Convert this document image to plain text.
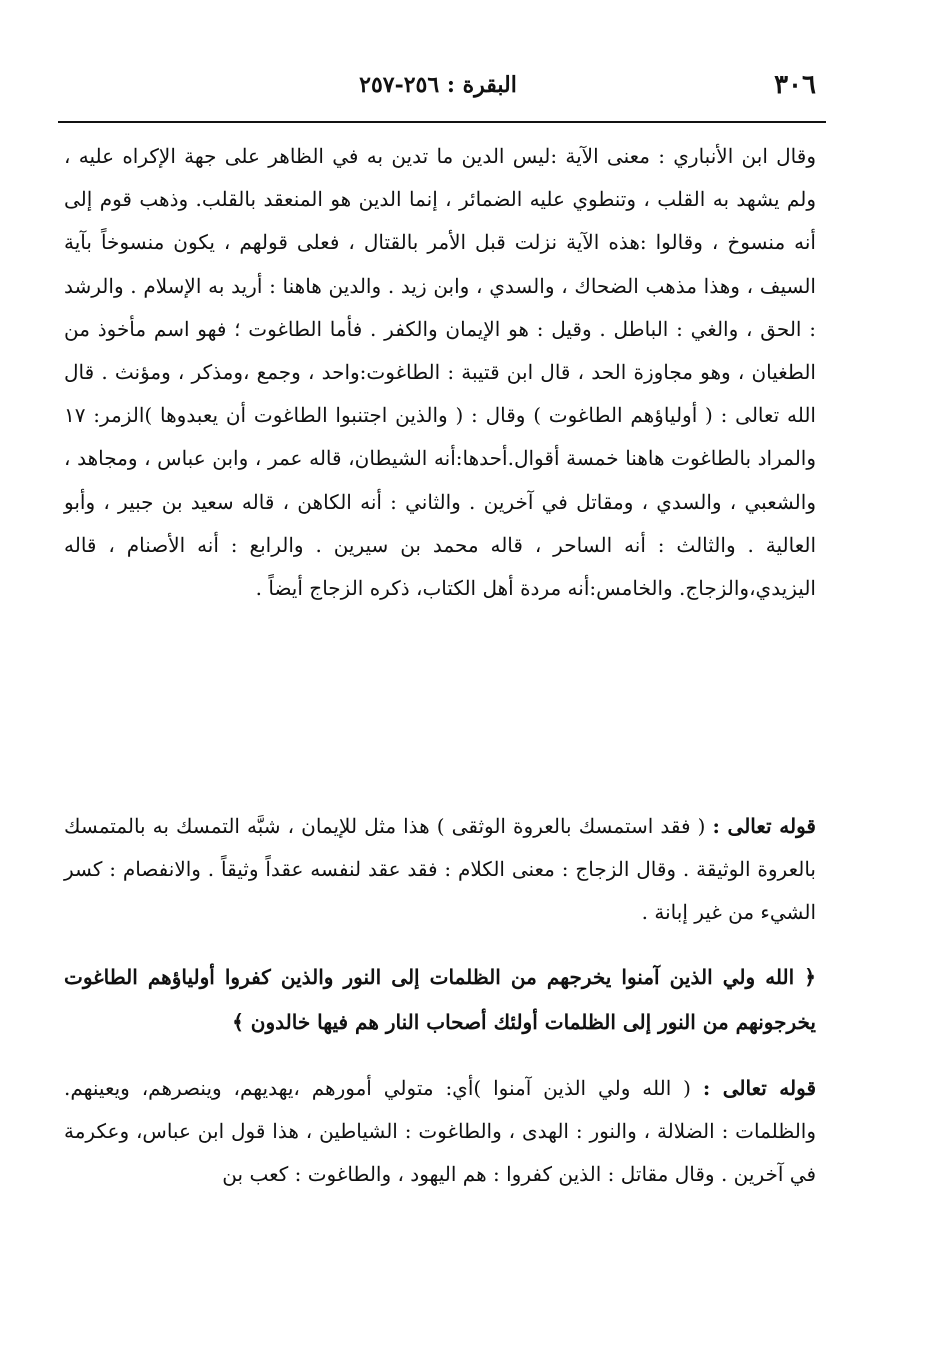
٣٠٦
البقرة : ٢٥٦-٢٥٧

وقال ابن الأنباري : معنى الآية :ليس الدين ما تدين به في الظاهر على جهة الإكراه عليه ، ولم يشهد به القلب ، وتنطوي عليه الضمائر ، إنما الدين هو المنعقد بالقلب. وذهب قوم إلى أنه منسوخ ، وقالوا :هذه الآية نزلت قبل الأمر بالقتال ، فعلى قولهم ، يكون منسوخاً بآية السيف ، وهذا مذهب الضحاك ، والسدي ، وابن زيد . والدين هاهنا : أريد به الإسلام . والرشد : الحق ، والغي : الباطل . وقيل : هو الإيمان والكفر . فأما الطاغوت ؛ فهو اسم مأخوذ من الطغيان ، وهو مجاوزة الحد ، قال ابن قتيبة : الطاغوت:واحد ، وجمع ،ومذكر ، ومؤنث . قال الله تعالى : ( أولياؤهم الطاغوت ) وقال : ( والذين اجتنبوا الطاغوت أن يعبدوها )الزمر: ١٧ والمراد بالطاغوت هاهنا خمسة أقوال.أحدها:أنه الشيطان، قاله عمر ، وابن عباس ، ومجاهد ، والشعبي ، والسدي ، ومقاتل في آخرين . والثاني : أنه الكاهن ، قاله سعيد بن جبير ، وأبو العالية . والثالث : أنه الساحر ، قاله محمد بن سيرين . والرابع : أنه الأصنام ، قاله اليزيدي،والزجاج. والخامس:أنه مردة أهل الكتاب، ذكره الزجاج أيضاً .

قوله تعالى : ( فقد استمسك بالعروة الوثقى ) هذا مثل للإيمان ، شبَّه التمسك به بالمتمسك بالعروة الوثيقة . وقال الزجاج : معنى الكلام : فقد عقد لنفسه عقداً وثيقاً . والانفصام : كسر الشيء من غير إبانة .

﴿ الله ولي الذين آمنوا يخرجهم من الظلمات إلى النور والذين كفروا أولياؤهم الطاغوت يخرجونهم من النور إلى الظلمات أولئك أصحاب النار هم فيها خالدون ﴾

قوله تعالى : ( الله ولي الذين آمنوا )أي: متولي أمورهم ،يهديهم، وينصرهم، ويعينهم. والظلمات : الضلالة ، والنور : الهدى ، والطاغوت : الشياطين ، هذا قول ابن عباس، وعكرمة في آخرين . وقال مقاتل : الذين كفروا : هم اليهود ، والطاغوت : كعب بن
